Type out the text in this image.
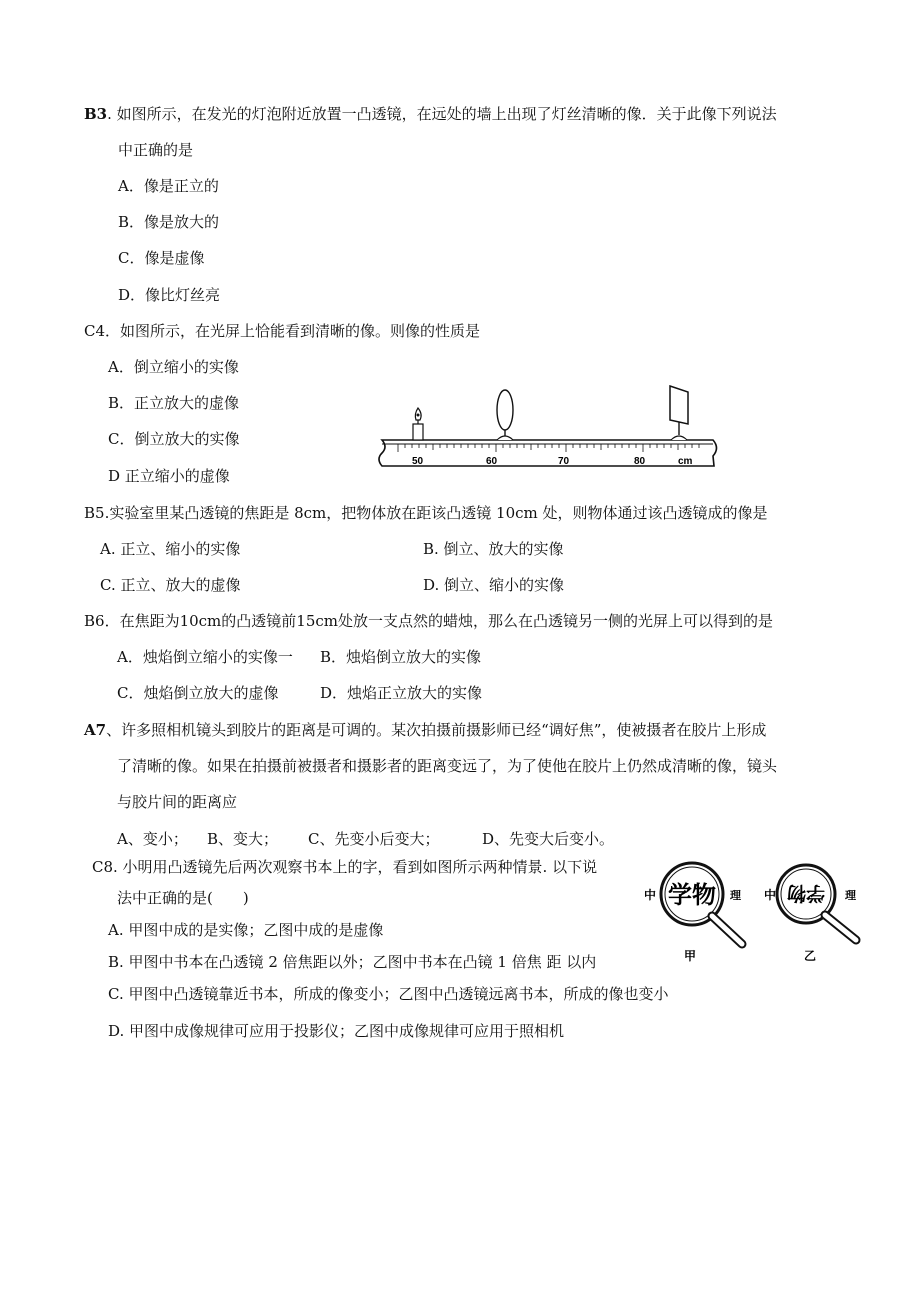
B3. 如图所示，在发光的灯泡附近放置一凸透镜，在远处的墙上出现了灯丝清晰的像．关于此像下列说法
中正确的是
A．像是正立的
B．像是放大的
C．像是虚像
D．像比灯丝亮
C4．如图所示，在光屏上恰能看到清晰的像。则像的性质是
A．倒立缩小的实像
B．正立放大的虚像
C．倒立放大的实像
D 正立缩小的虚像
50	60	70	80	cm
B5.实验室里某凸透镜的焦距是 8cm，把物体放在距该凸透镜 10cm 处，则物体通过该凸透镜成的像是
A. 正立、缩小的实像	B. 倒立、放大的实像
C. 正立、放大的虚像	D. 倒立、缩小的实像
B6．在焦距为10cm的凸透镜前15cm处放一支点然的蜡烛，那么在凸透镜另一侧的光屏上可以得到的是
A．烛焰倒立缩小的实像一 B．烛焰倒立放大的实像
C．烛焰倒立放大的虚像	D．烛焰正立放大的实像
A7、许多照相机镜头到胶片的距离是可调的。某次拍摄前摄影师已经“调好焦”，使被摄者在胶片上形成
了清晰的像。如果在拍摄前被摄者和摄影者的距离变远了，为了使他在胶片上仍然成清晰的像，镜头
与胶片间的距离应
A、变小； B、变大； C、先变小后变大；	D、先变大后变小。
C8. 小明用凸透镜先后两次观察书本上的字，看到如图所示两种情景. 以下说
法中正确的是(　　)
A. 甲图中成的是实像；乙图中成的是虚像
B. 甲图中书本在凸透镜 2 倍焦距以外；乙图中书本在凸镜 1 倍焦 距 以内
C. 甲图中凸透镜靠近书本，所成的像变小；乙图中凸透镜远离书本，所成的像也变小
D. 甲图中成像规律可应用于投影仪；乙图中成像规律可应用于照相机
中 学物 理
甲
中 学物 理
乙
